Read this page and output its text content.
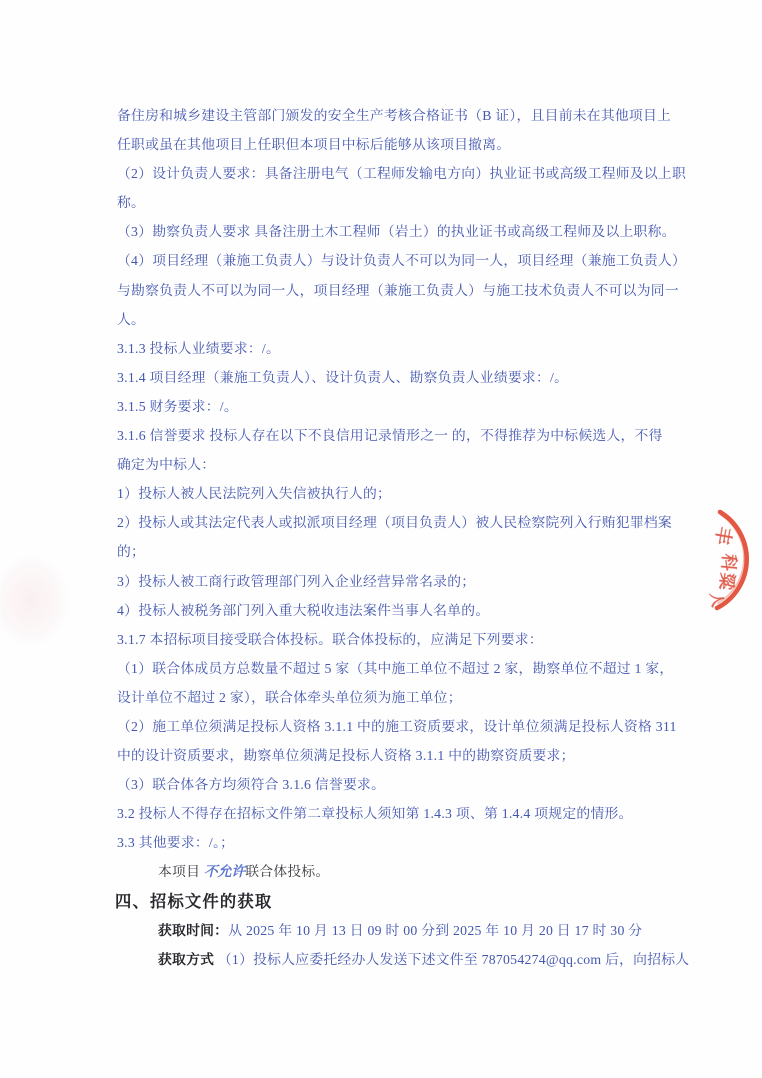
备住房和城乡建设主管部门颁发的安全生产考核合格证书（B 证），且目前未在其他项目上
任职或虽在其他项目上任职但本项目中标后能够从该项目撤离。
（2）设计负责人要求：具备注册电气（工程师发输电方向）执业证书或高级工程师及以上职
称。
（3）勘察负责人要求 具备注册土木工程师（岩土）的执业证书或高级工程师及以上职称。
（4）项目经理（兼施工负责人）与设计负责人不可以为同一人，项目经理（兼施工负责人）
与勘察负责人不可以为同一人，项目经理（兼施工负责人）与施工技术负责人不可以为同一
人。
3.1.3 投标人业绩要求：/。
3.1.4 项目经理（兼施工负责人）、设计负责人、勘察负责人业绩要求：/。
3.1.5 财务要求：/。
3.1.6 信誉要求 投标人存在以下不良信用记录情形之一 的，不得推荐为中标候选人，不得
确定为中标人：
1）投标人被人民法院列入失信被执行人的；
2）投标人或其法定代表人或拟派项目经理（项目负责人）被人民检察院列入行贿犯罪档案
的；
3）投标人被工商行政管理部门列入企业经营异常名录的；
4）投标人被税务部门列入重大税收违法案件当事人名单的。
3.1.7 本招标项目接受联合体投标。联合体投标的，应满足下列要求：
（1）联合体成员方总数量不超过 5 家（其中施工单位不超过 2 家，勘察单位不超过 1 家，
设计单位不超过 2 家），联合体牵头单位须为施工单位；
（2）施工单位须满足投标人资格 3.1.1 中的施工资质要求，设计单位须满足投标人资格 311
中的设计资质要求，勘察单位须满足投标人资格 3.1.1 中的勘察资质要求；
（3）联合体各方均须符合 3.1.6 信誉要求。
3.2 投标人不得存在招标文件第二章投标人须知第 1.4.3 项、第 1.4.4 项规定的情形。
3.3 其他要求：/。；
本项目 不允许联合体投标。
四、招标文件的获取
获取时间：从 2025 年 10 月 13 日 09 时 00 分到 2025 年 10 月 20 日 17 时 30 分
获取方式 （1）投标人应委托经办人发送下述文件至 787054274@qq.com 后，向招标人
丰
科
粱
人
